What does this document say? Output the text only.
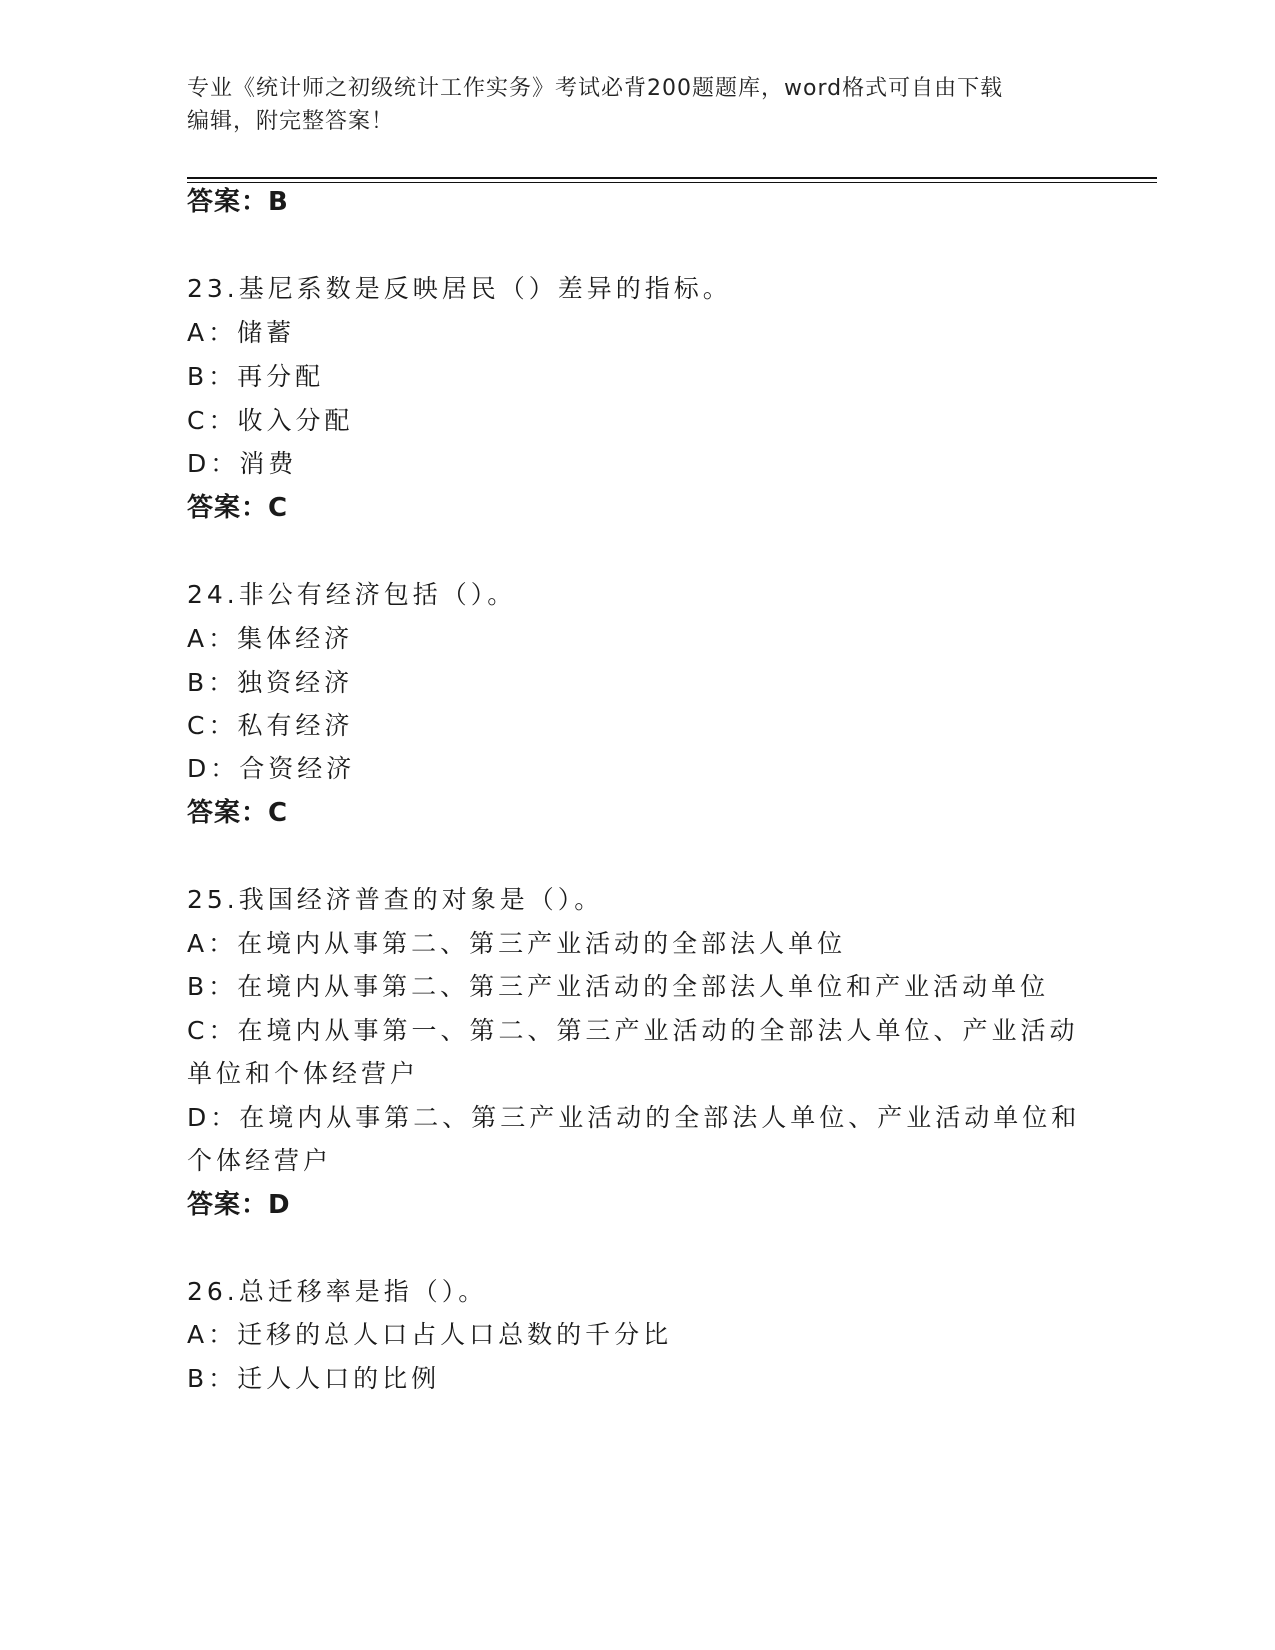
专业《统计师之初级统计工作实务》考试必背200题题库，word格式可自由下载
编辑，附完整答案！
答案：B
23.基尼系数是反映居民（）差异的指标。
A：储蓄
B：再分配
C：收入分配
D：消费
答案：C
24.非公有经济包括（）。
A：集体经济
B：独资经济
C：私有经济
D：合资经济
答案：C
25.我国经济普查的对象是（）。
A：在境内从事第二、第三产业活动的全部法人单位
B：在境内从事第二、第三产业活动的全部法人单位和产业活动单位
C：在境内从事第一、第二、第三产业活动的全部法人单位、产业活动
单位和个体经营户
D：在境内从事第二、第三产业活动的全部法人单位、产业活动单位和
个体经营户
答案：D
26.总迁移率是指（）。
A：迁移的总人口占人口总数的千分比
B：迁人人口的比例
